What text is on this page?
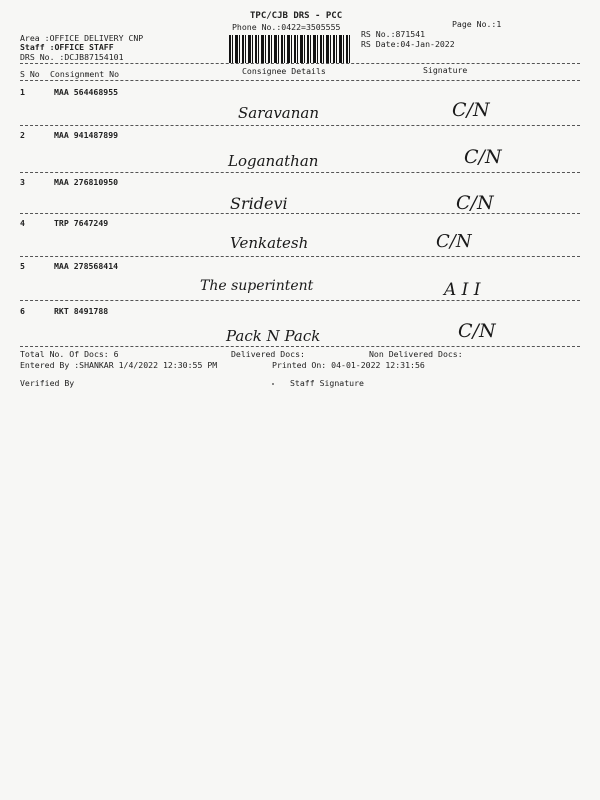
TPC/CJB DRS - PCC
Phone No.:0422=3505555	Page No.:1
Area :OFFICE DELIVERY CNP
Staff :OFFICE STAFF
DRS No. :DCJB87154101
RS No.:871541
RS Date:04-Jan-2022
S No Consignment No	Consignee Details	Signature
1	MAA 564468955
Saravanan	C/N
2	MAA 941487899
Loganathan	C/N
3	MAA 276810950
Sridevi	C/N
4	TRP 7647249
Venkatesh	C/N
5	MAA 278568414
The superintent	A I I
6	RKT 8491788
Pack N Pack	C/N
Total No. Of Docs: 6	Delivered Docs:	Non Delivered Docs:
Entered By :SHANKAR 1/4/2022 12:30:55 PM	Printed On: 04-01-2022 12:31:56
Verified By	Staff Signature
